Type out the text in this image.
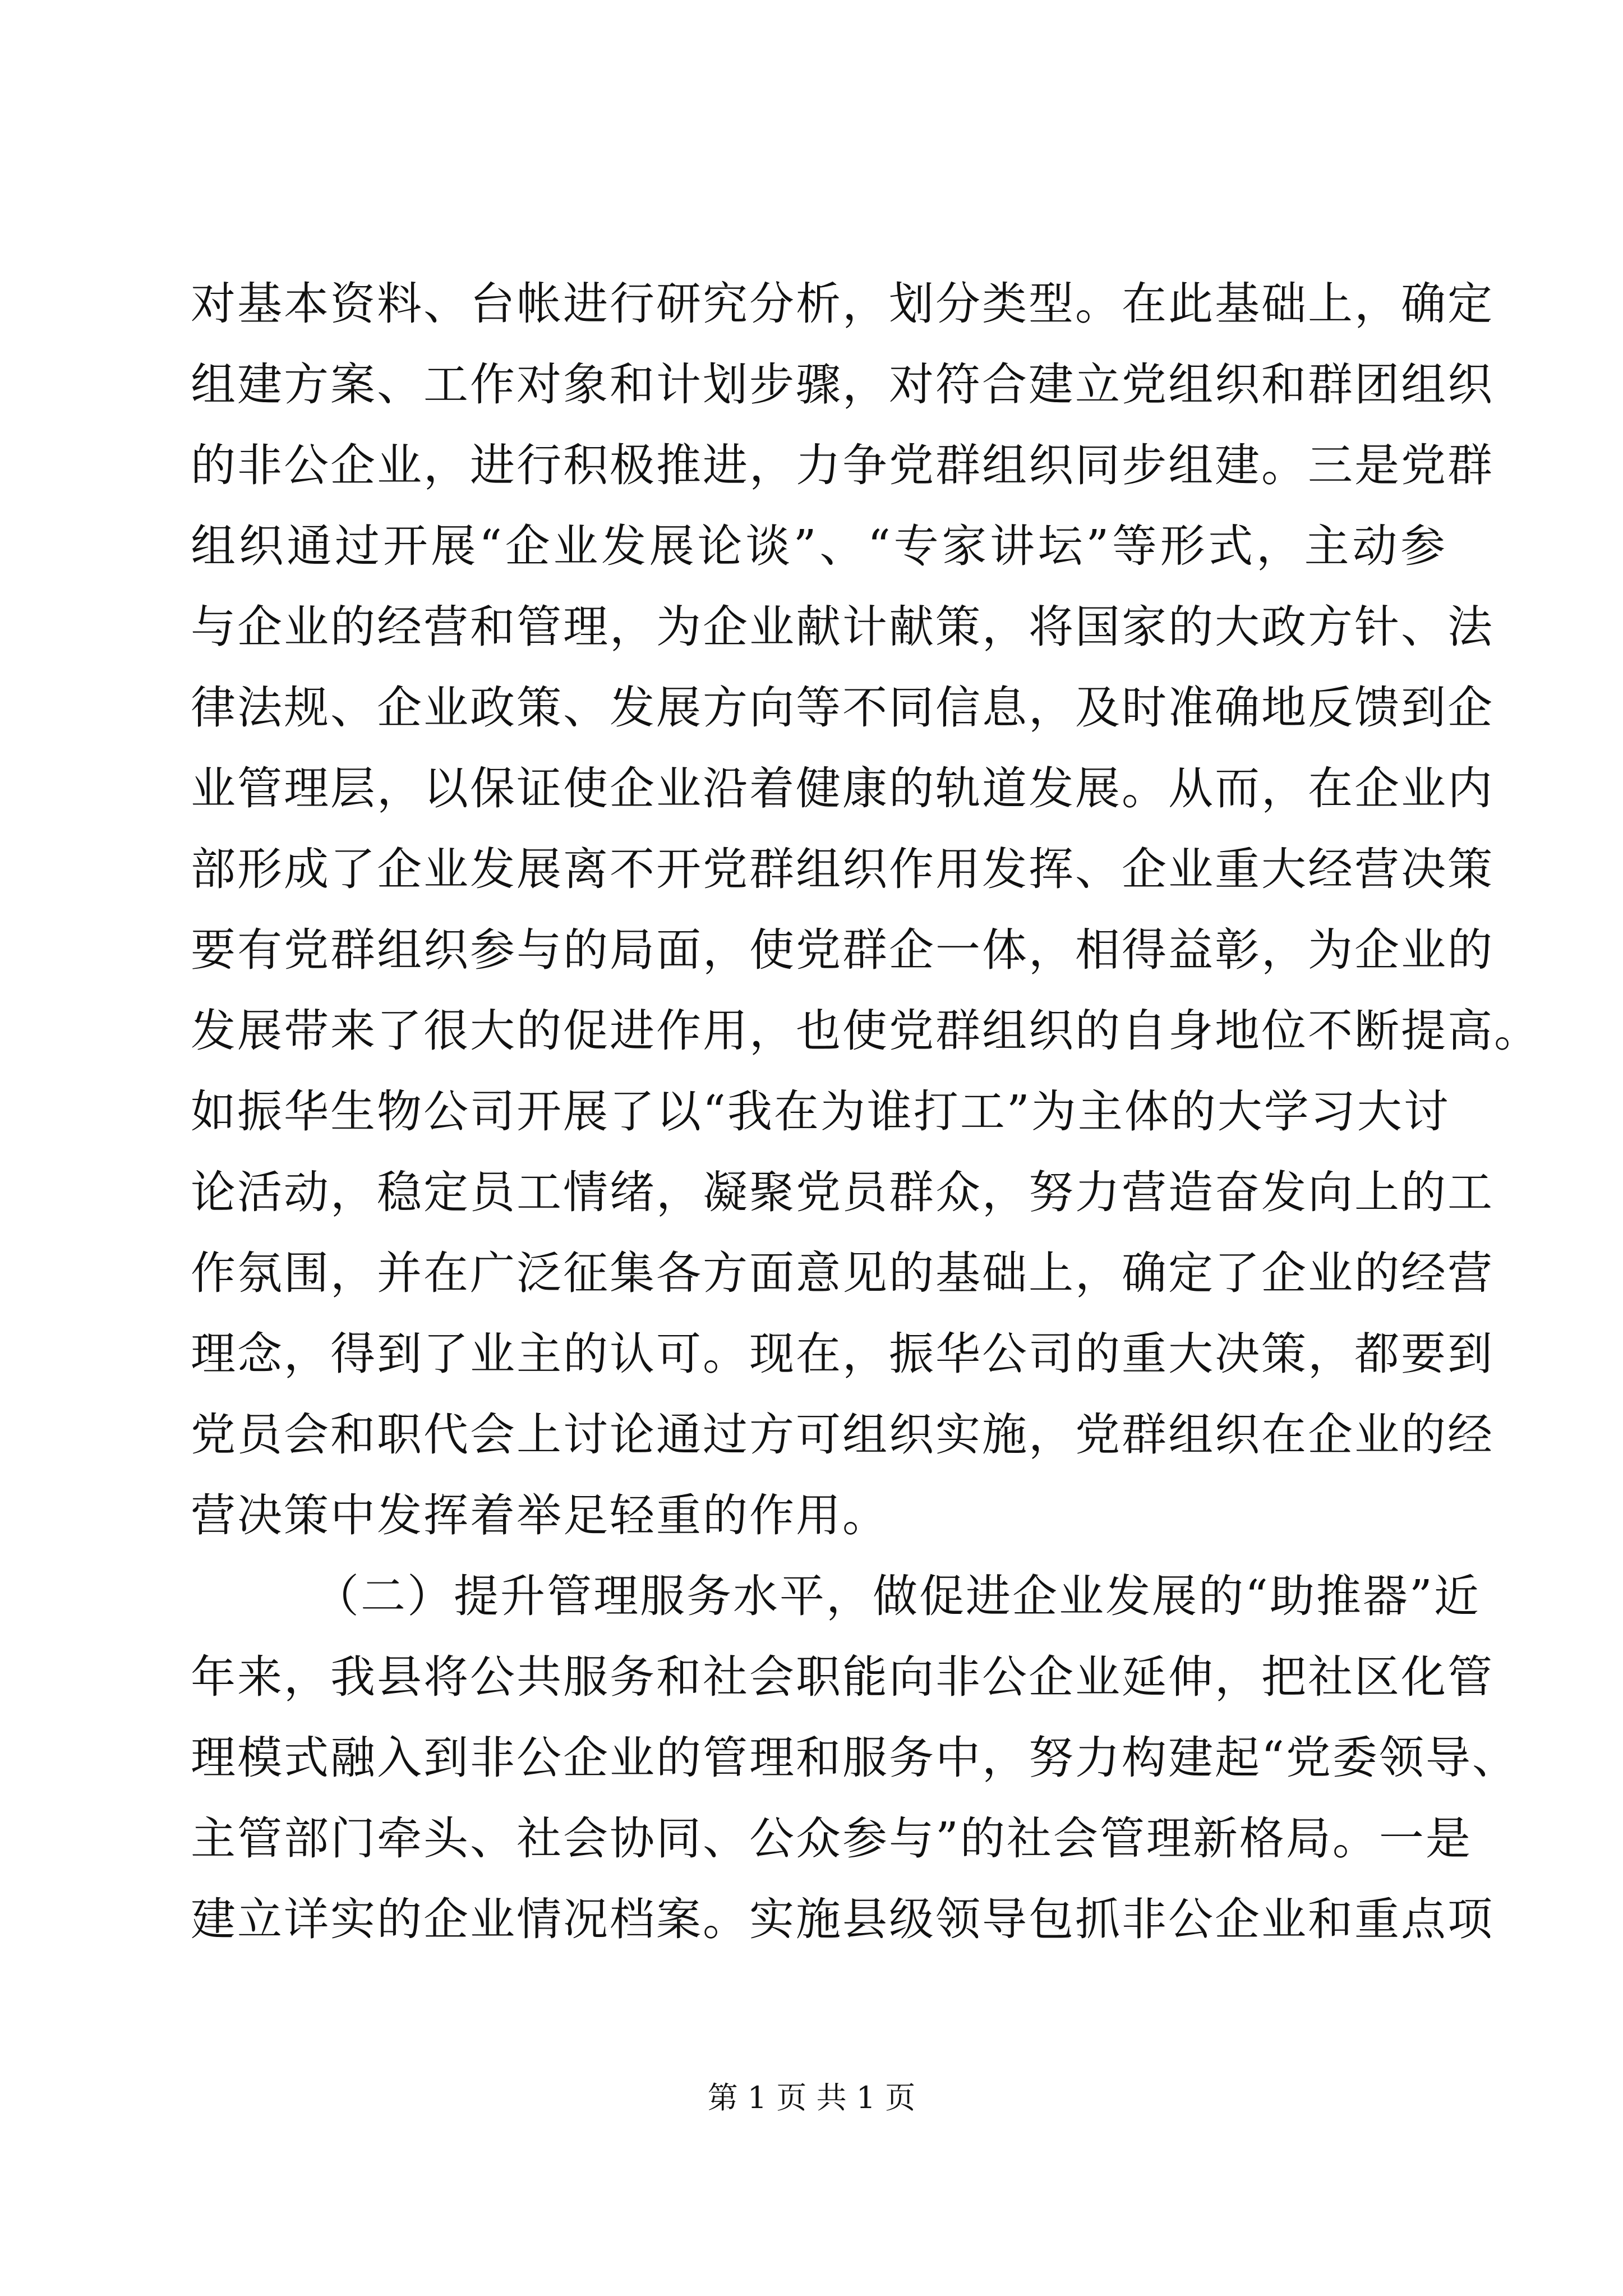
对基本资料、台帐进行研究分析，划分类型。在此基础上，确定
组建方案、工作对象和计划步骤，对符合建立党组织和群团组织
的非公企业，进行积极推进，力争党群组织同步组建。三是党群
组织通过开展“企业发展论谈”、“专家讲坛”等形式，主动参
与企业的经营和管理，为企业献计献策，将国家的大政方针、法
律法规、企业政策、发展方向等不同信息，及时准确地反馈到企
业管理层，以保证使企业沿着健康的轨道发展。从而，在企业内
部形成了企业发展离不开党群组织作用发挥、企业重大经营决策
要有党群组织参与的局面，使党群企一体，相得益彰，为企业的
发展带来了很大的促进作用，也使党群组织的自身地位不断提高。
如振华生物公司开展了以“我在为谁打工”为主体的大学习大讨
论活动，稳定员工情绪，凝聚党员群众，努力营造奋发向上的工
作氛围，并在广泛征集各方面意见的基础上，确定了企业的经营
理念，得到了业主的认可。现在，振华公司的重大决策，都要到
党员会和职代会上讨论通过方可组织实施，党群组织在企业的经
营决策中发挥着举足轻重的作用。
（二）提升管理服务水平，做促进企业发展的“助推器”近
年来，我县将公共服务和社会职能向非公企业延伸，把社区化管
理模式融入到非公企业的管理和服务中，努力构建起“党委领导、
主管部门牵头、社会协同、公众参与”的社会管理新格局。一是
建立详实的企业情况档案。实施县级领导包抓非公企业和重点项
第 1 页 共 1 页
